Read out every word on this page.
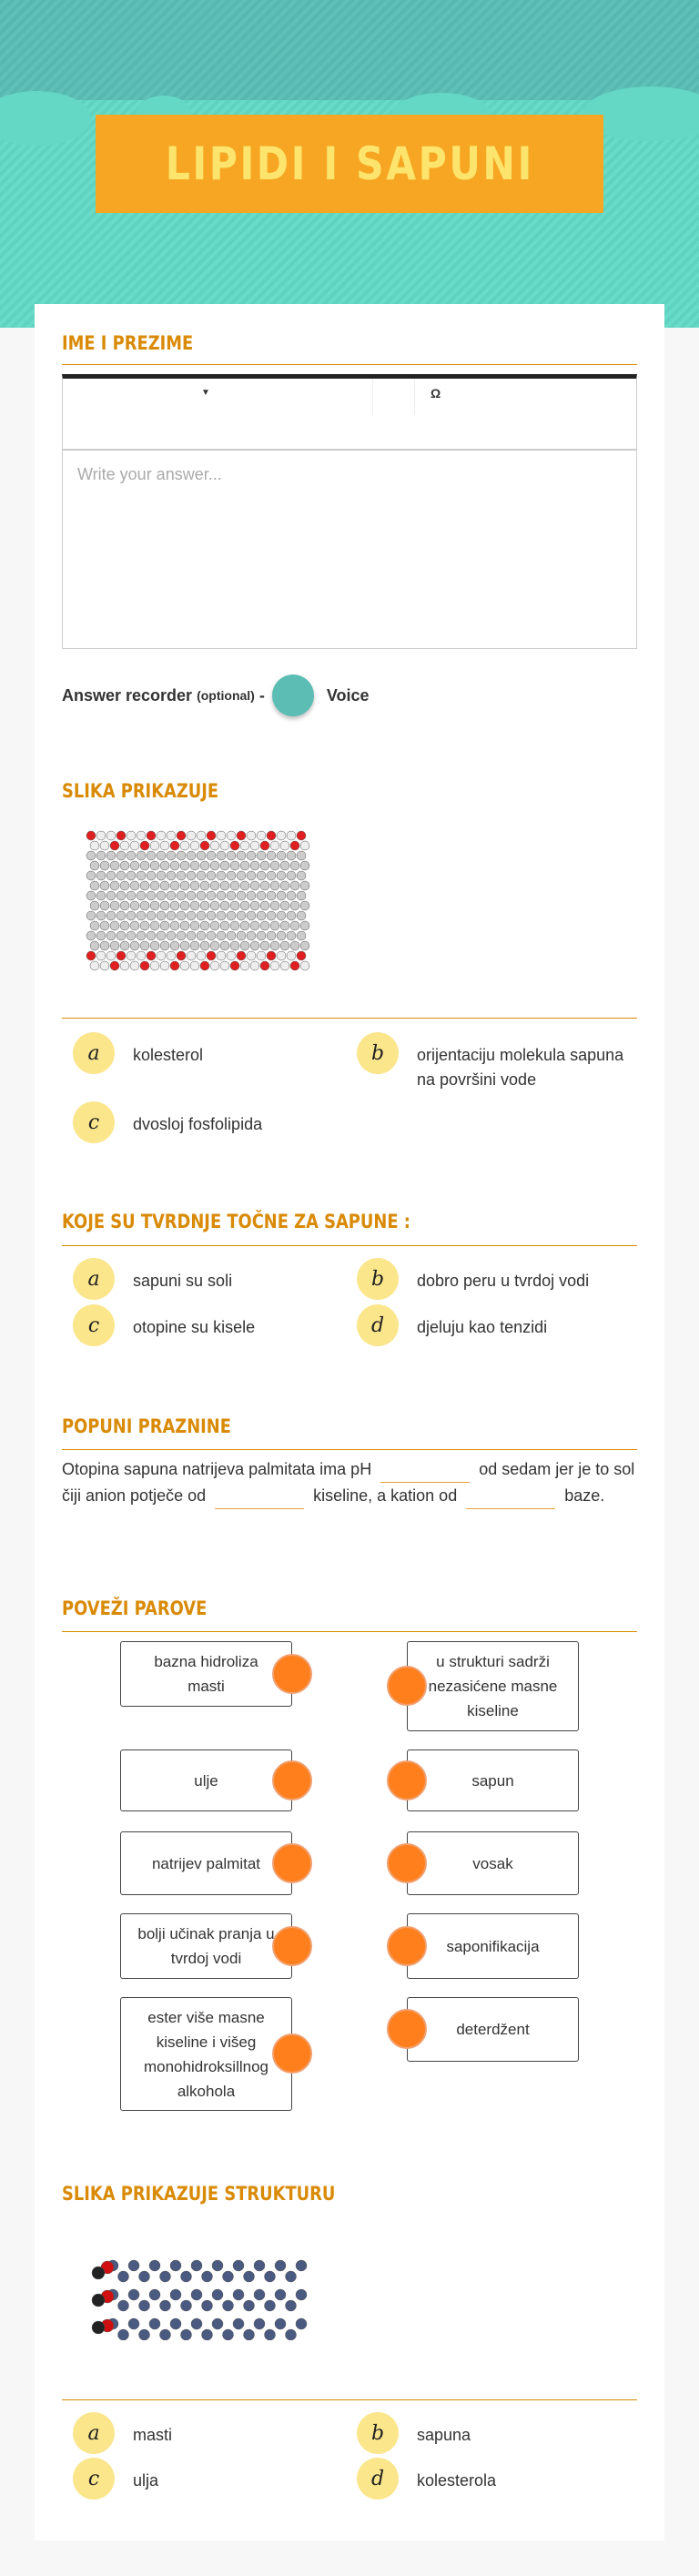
LIPIDI I SAPUNI
IME I PREZIME
▼	Ω
Write your answer...
Answer recorder
(optional)
-	Voice
SLIKA PRIKAZUJE
a	kolesterol	b	orijentaciju molekula sapuna na površini vode
c	dvosloj fosfolipida
KOJE SU TVRDNJE TOČNE ZA SAPUNE :
a	sapuni su soli	b	dobro peru u tvrdoj vodi
c	otopine su kisele	d	djeluju kao tenzidi
POPUNI PRAZNINE
Otopina sapuna natrijeva palmitata ima pH	od sedam jer je to sol čiji anion potječe od	kiseline, a kation od	baze.
POVEŽI PAROVE
bazna hidroliza masti
ulje
natrijev palmitat
bolji učinak pranja u tvrdoj vodi
ester više masne kiseline i višeg monohidroksillnog alkohola
u strukturi sadrži nezasićene masne kiseline
sapun
vosak
saponifikacija
deterdžent
SLIKA PRIKAZUJE STRUKTURU
a	masti	b	sapuna
c	ulja	d	kolesterola
